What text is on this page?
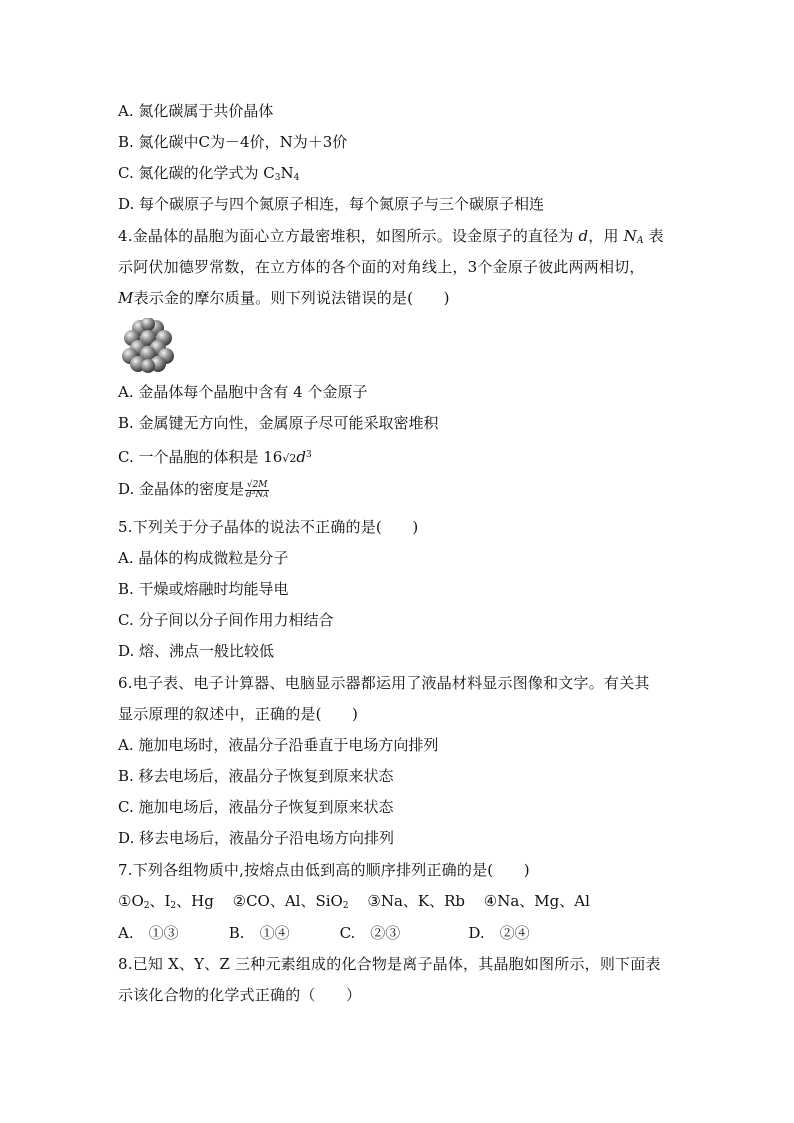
A. 氮化碳属于共价晶体
B. 氮化碳中C为－4价，N为＋3价
C. 氮化碳的化学式为 $C_3N_4$
D. 每个碳原子与四个氮原子相连，每个氮原子与三个碳原子相连
4.金晶体的晶胞为面心立方最密堆积，如图所示。设金原子的直径为 d，用 $N_A$ 表
示阿伏加德罗常数，在立方体的各个面的对角线上，3个金原子彼此两两相切，
M表示金的摩尔质量。则下列说法错误的是(　　)
A. 金晶体每个晶胞中含有 4 个金原子
B. 金属键无方向性，金属原子尽可能采取密堆积
C. 一个晶胞的体积是 $16√2d^3$
D. 金晶体的密度是 $\frac{√2M}{\text{d³NA}}$
5.下列关于分子晶体的说法不正确的是(　　)
A. 晶体的构成微粒是分子
B. 干燥或熔融时均能导电
C. 分子间以分子间作用力相结合
D. 熔、沸点一般比较低
6.电子表、电子计算器、电脑显示器都运用了液晶材料显示图像和文字。有关其
显示原理的叙述中，正确的是(　　)
A. 施加电场时，液晶分子沿垂直于电场方向排列
B. 移去电场后，液晶分子恢复到原来状态
C. 施加电场后，液晶分子恢复到原来状态
D. 移去电场后，液晶分子沿电场方向排列
7.下列各组物质中,按熔点由低到高的顺序排列正确的是(　　)
①O2、I2、Hg ②CO、Al、SiO2 ③Na、K、Rb ④Na、Mg、Al
A.　①③	B.　①④	C.　②③	D.　②④
8.已知 X、Y、Z 三种元素组成的化合物是离子晶体，其晶胞如图所示，则下面表
示该化合物的化学式正确的（　　）
